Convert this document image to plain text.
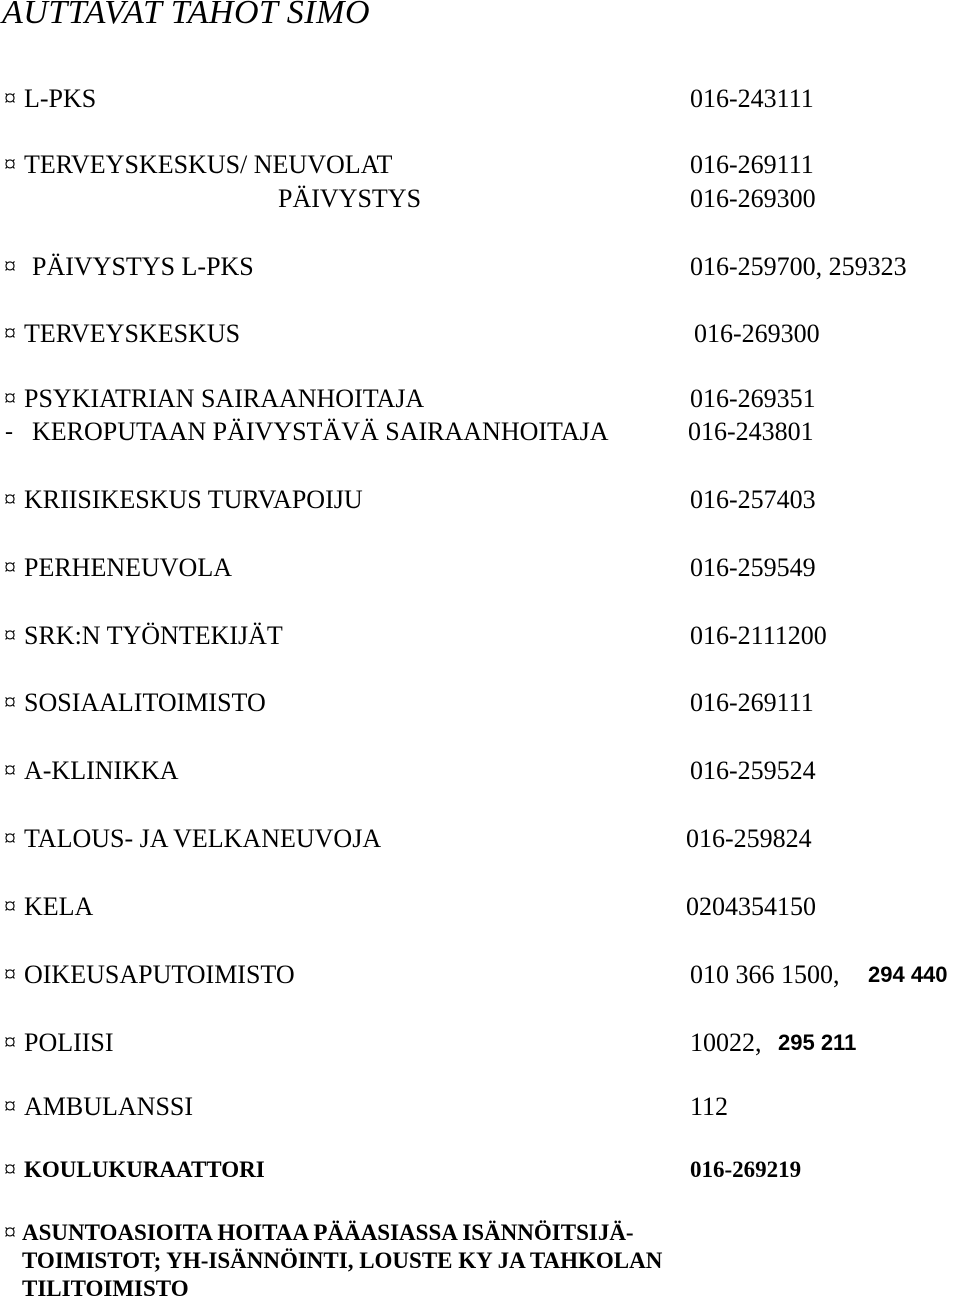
AUTTAVAT TAHOT SIMO
¤ L-PKS	016-243111
¤ TERVEYSKESKUS/ NEUVOLAT	016-269111
PÄIVYSTYS	016-269300
¤ PÄIVYSTYS L-PKS	016-259700, 259323
¤ TERVEYSKESKUS	016-269300
¤ PSYKIATRIAN SAIRAANHOITAJA	016-269351
- KEROPUTAAN PÄIVYSTÄVÄ SAIRAANHOITAJA	016-243801
¤ KRIISIKESKUS TURVAPOIJU	016-257403
¤ PERHENEUVOLA	016-259549
¤ SRK:N TYÖNTEKIJÄT	016-2111200
¤ SOSIAALITOIMISTO	016-269111
¤ A-KLINIKKA	016-259524
¤ TALOUS- JA VELKANEUVOJA	016-259824
¤ KELA	0204354150
¤ OIKEUSAPUTOIMISTO	010 366 1500, 294 440
¤ POLIISI	10022, 295 211
¤ AMBULANSSI	112
¤ KOULUKURAATTORI	016-269219
¤ ASUNTOASIOITA HOITAA PÄÄASIASSA ISÄNNÖITSIJÄ-
TOIMISTOT; YH-ISÄNNÖINTI, LOUSTE KY JA TAHKOLAN
TILITOIMISTO
